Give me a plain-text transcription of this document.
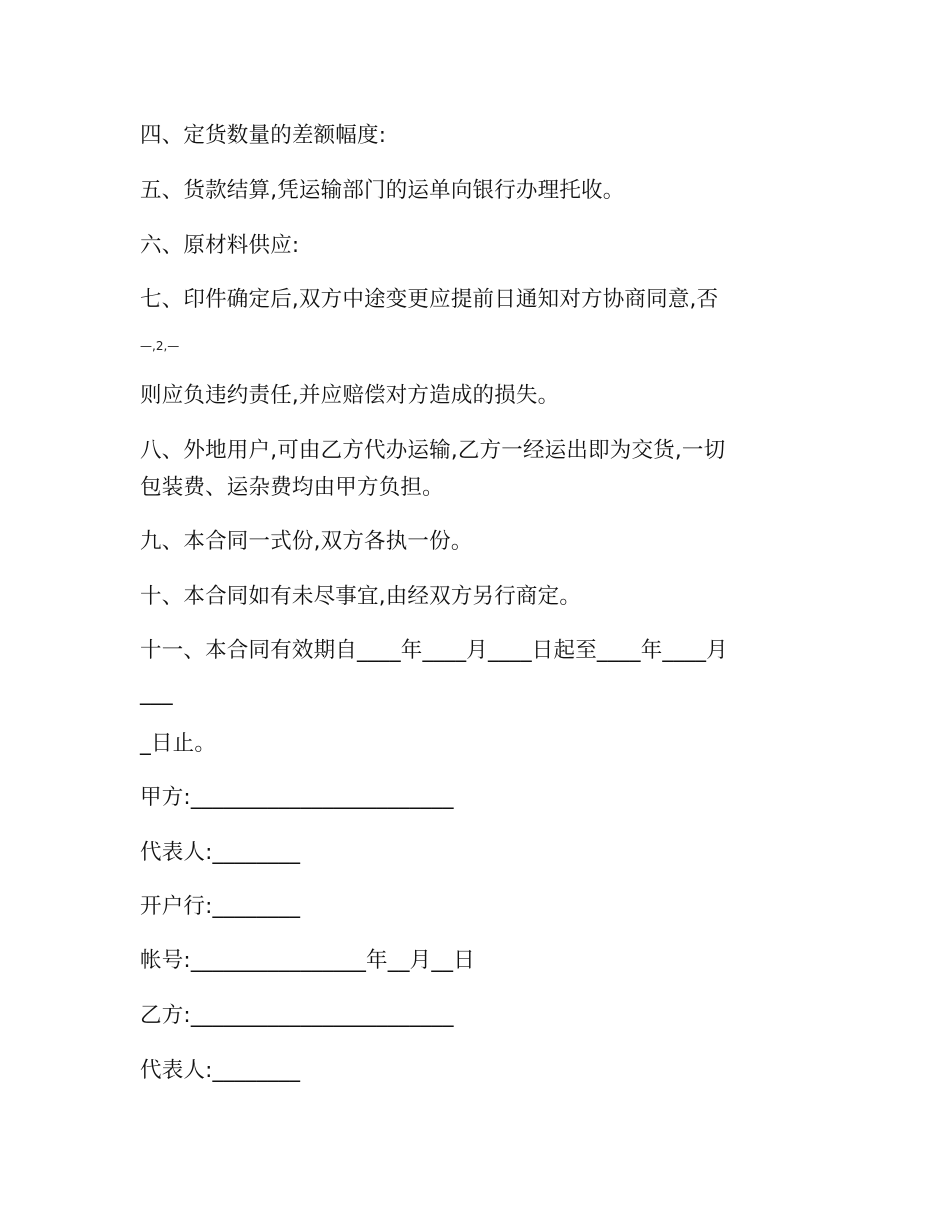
四、定货数量的差额幅度:
五、货款结算,凭运输部门的运单向银行办理托收。
六、原材料供应:
七、印件确定后,双方中途变更应提前日通知对方协商同意,否
—,2,—
则应负违约责任,并应赔偿对方造成的损失。
八、外地用户,可由乙方代办运输,乙方一经运出即为交货,一切
包装费、运杂费均由甲方负担。
九、本合同一式份,双方各执一份。
十、本合同如有未尽事宜,由经双方另行商定。
十一、本合同有效期自____年____月____日起至____年____月
___
_日止。
甲方:________________________
代表人:________
开户行:________
帐号:________________年__月__日
乙方:________________________
代表人:________
